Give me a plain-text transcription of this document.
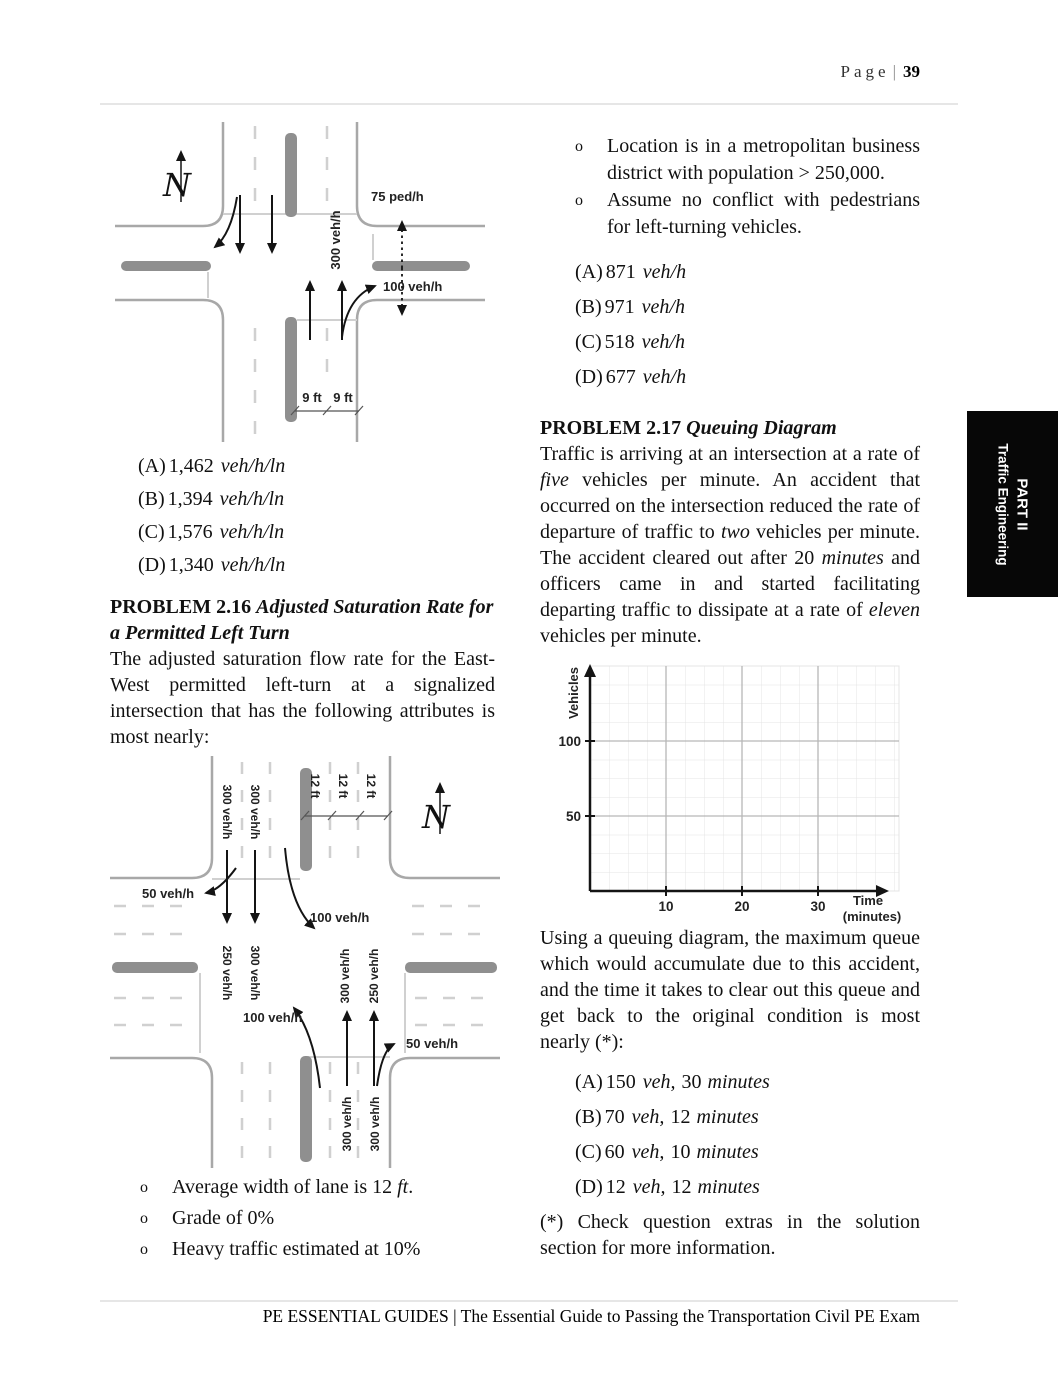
Page | 39
PART II
Traffic Engineering
N	75 ped/h
300 veh/h
100 veh/h
9 ft 9 ft
(A) 1,462 veh/h/ln
(B) 1,394 veh/h/ln
(C) 1,576 veh/h/ln
(D) 1,340 veh/h/ln
PROBLEM 2.16 Adjusted Saturation Rate for a Permitted Left Turn
The adjusted saturation flow rate for the East-West permitted left-turn at a signalized intersection that has the following attributes is most nearly:
N
300 veh/h 300 veh/h
250 veh/h 300 veh/h	300 veh/h 250 veh/h
300 veh/h 300 veh/h
12 ft 12 ft 12 ft
50 veh/h
100 veh/h
100 veh/h
50 veh/h
o	Average width of lane is 12 ft.
o	Grade of 0%
o	Heavy traffic estimated at 10%
o	Location is in a metropolitan business district with population > 250,000.
o	Assume no conflict with pedestrians for left-turning vehicles.
(A) 871 veh/h
(B) 971 veh/h
(C) 518 veh/h
(D) 677 veh/h
PROBLEM 2.17 Queuing Diagram
Traffic is arriving at an intersection at a rate of five vehicles per minute. An accident that occurred on the intersection reduced the rate of departure of traffic to two vehicles per minute. The accident cleared out after 20 minutes and officers came in and started facilitating departing traffic to dissipate at a rate of eleven vehicles per minute.
Vehicles
100
50
10	20	30 Time
(minutes)
Using a queuing diagram, the maximum queue which would accumulate due to this accident, and the time it takes to clear out this queue and get back to the original condition is most nearly (*):
(A) 150 veh, 30 minutes
(B) 70 veh, 12 minutes
(C) 60 veh, 10 minutes
(D) 12 veh, 12 minutes
(*) Check question extras in the solution section for more information.
PE ESSENTIAL GUIDES | The Essential Guide to Passing the Transportation Civil PE Exam
